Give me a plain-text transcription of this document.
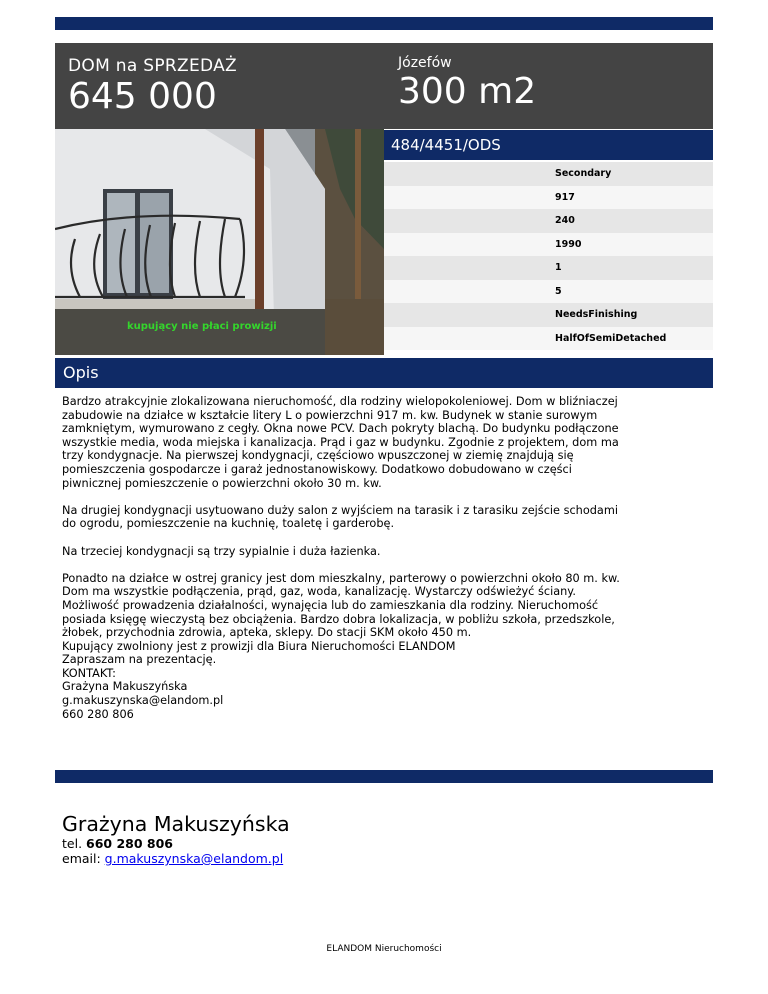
DOM na SPRZEDAŻ
645 000
Józefów
300 m2
kupujący nie płaci prowizji
484/4451/ODS
Secondary
917
240
1990
1
5
NeedsFinishing
HalfOfSemiDetached
Opis

Bardzo atrakcyjnie zlokalizowana nieruchomość, dla rodziny wielopokoleniowej. Dom w bliźniaczej
zabudowie na działce w kształcie litery L o powierzchni 917 m. kw. Budynek w stanie surowym
zamkniętym, wymurowano z cegły. Okna nowe PCV. Dach pokryty blachą. Do budynku podłączone
wszystkie media, woda miejska i kanalizacja. Prąd i gaz w budynku. Zgodnie z projektem, dom ma
trzy kondygnacje. Na pierwszej kondygnacji, częściowo wpuszczonej w ziemię znajdują się
pomieszczenia gospodarcze i garaż jednostanowiskowy. Dodatkowo dobudowano w części
piwnicznej pomieszczenie o powierzchni około 30 m. kw.

Na drugiej kondygnacji usytuowano duży salon z wyjściem na tarasik i z tarasiku zejście schodami
do ogrodu, pomieszczenie na kuchnię, toaletę i garderobę.

Na trzeciej kondygnacji są trzy sypialnie i duża łazienka.

Ponadto na działce w ostrej granicy jest dom mieszkalny, parterowy o powierzchni około 80 m. kw.
Dom ma wszystkie podłączenia, prąd, gaz, woda, kanalizację. Wystarczy odświeżyć ściany.
Możliwość prowadzenia działalności, wynajęcia lub do zamieszkania dla rodziny. Nieruchomość
posiada księgę wieczystą bez obciążenia. Bardzo dobra lokalizacja, w pobliżu szkoła, przedszkole,
żłobek, przychodnia zdrowia, apteka, sklepy. Do stacji SKM około 450 m.
Kupujący zwolniony jest z prowizji dla Biura Nieruchomości ELANDOM
Zapraszam na prezentację.
KONTAKT:
Grażyna Makuszyńska
g.makuszynska@elandom.pl
660 280 806

Grażyna Makuszyńska
tel. 660 280 806
email: g.makuszynska@elandom.pl
ELANDOM Nieruchomości
